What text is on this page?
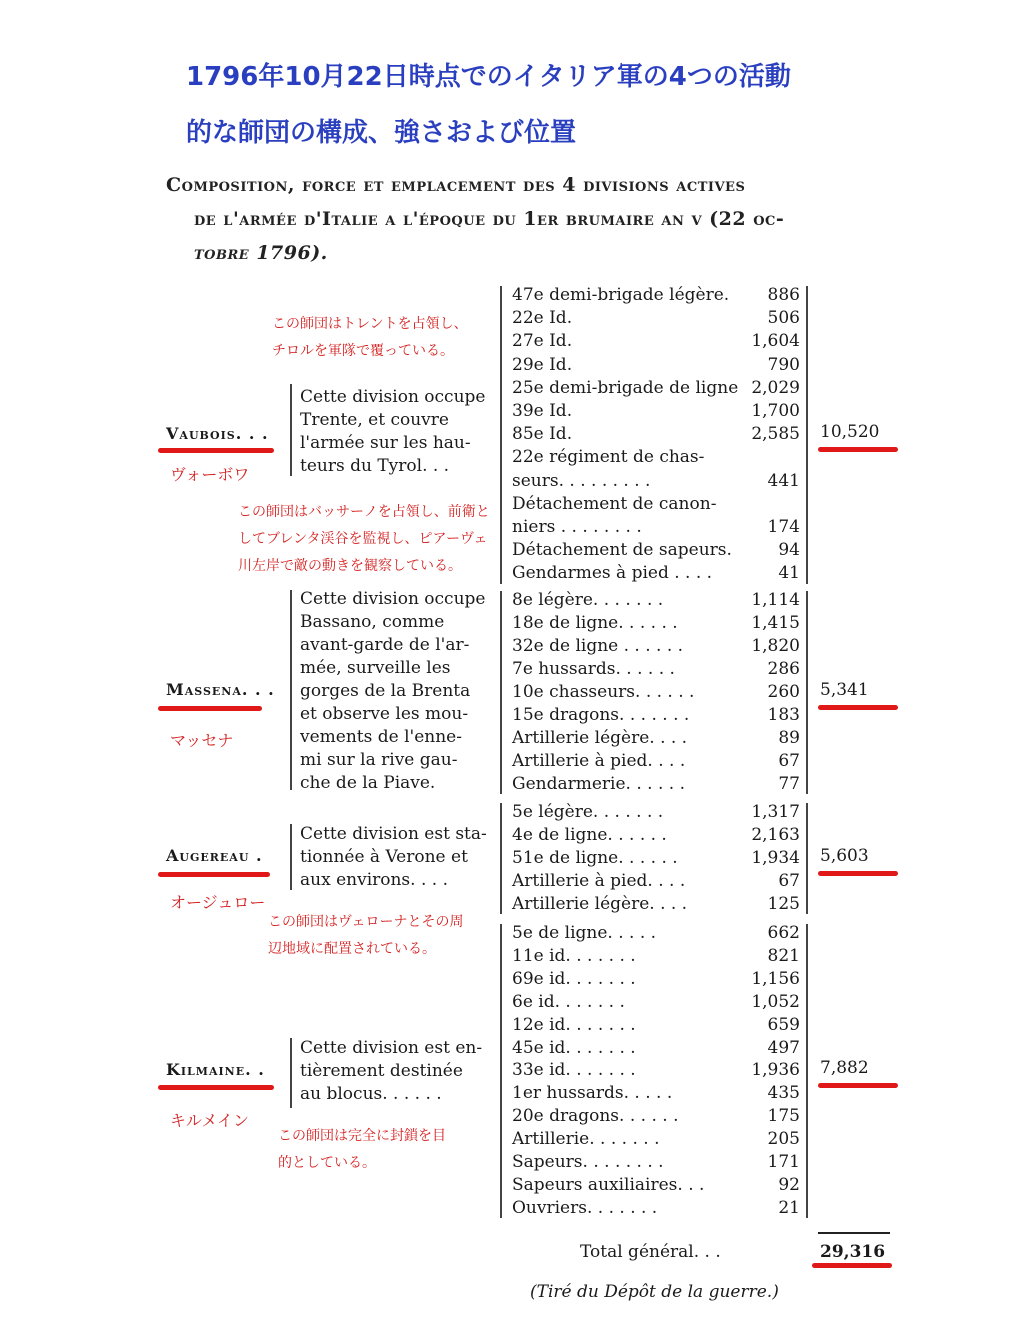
1796年10月22日時点でのイタリア軍の4つの活動
的な師団の構成、強さおよび位置
Composition, force et emplacement des 4 divisions actives
de l'armée d'Italie a l'époque du 1er brumaire an v (22 oc-
tobre 1796).
Vaubois. . .
ヴォーボワ
Cette division occupe
Trente, et couvre
l'armée sur les hau-
teurs du Tyrol. . .
この師団はトレントを占領し、
チロルを軍隊で覆っている。
47e demi-brigade légère.	886
22e Id.	506
27e Id.	1,604
29e Id.	790
25e demi-brigade de ligne 2,029
39e Id.	1,700
85e Id.	2,585
22e régiment de chas-
seurs. . . . . . . . .	441
Détachement de canon-
niers . . . . . . . .	174
Détachement de sapeurs.	94
Gendarmes à pied . . . .	41
10,520
Massena. . .
マッセナ
Cette division occupe
Bassano, comme
avant-garde de l'ar-
mée, surveille les
gorges de la Brenta
et observe les mou-
vements de l'enne-
mi sur la rive gau-
che de la Piave.
この師団はバッサーノを占領し、前衛と
してブレンタ渓谷を監視し、ピアーヴェ
川左岸で敵の動きを観察している。
8e légère. . . . . . .	1,114
18e de ligne. . . . . .	1,415
32e de ligne . . . . . .	1,820
7e hussards. . . . . .	286
10e chasseurs. . . . . .	260
15e dragons. . . . . . .	183
Artillerie légère. . . .	89
Artillerie à pied. . . .	67
Gendarmerie. . . . . .	77
5,341
Augereau .
オージュロー
Cette division est sta-
tionnée à Verone et
aux environs. . . .
この師団はヴェローナとその周
辺地域に配置されている。
5e légère. . . . . . .	1,317
4e de ligne. . . . . .	2,163
51e de ligne. . . . . .	1,934
Artillerie à pied. . . .	67
Artillerie légère. . . .	125
5,603
Kilmaine. .
キルメイン
Cette division est en-
tièrement destinée
au blocus. . . . . .
この師団は完全に封鎖を目
的としている。
5e de ligne. . . . .	662
11e id. . . . . . .	821
69e id. . . . . . .	1,156
6e id. . . . . . .	1,052
12e id. . . . . . .	659
45e id. . . . . . .	497
33e id. . . . . . .	1,936
1er hussards. . . . .	435
20e dragons. . . . . .	175
Artillerie. . . . . . .	205
Sapeurs. . . . . . . .	171
Sapeurs auxiliaires. . .	92
Ouvriers. . . . . . .	21
7,882
Total général. . .	29,316
(Tiré du Dépôt de la guerre.)
